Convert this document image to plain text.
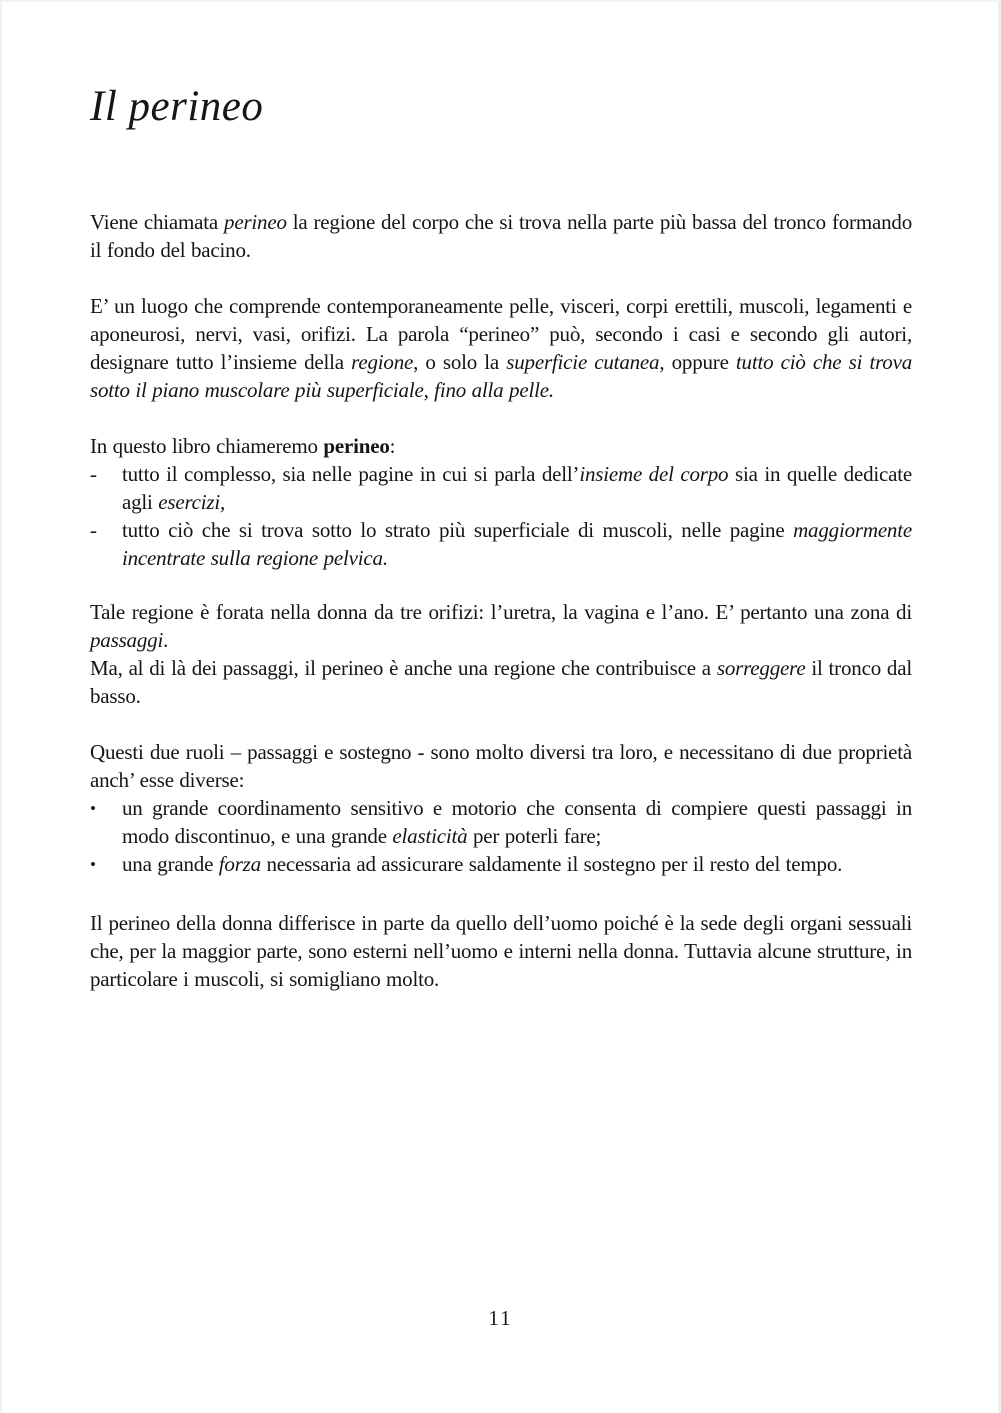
Il perineo

Viene chiamata perineo la regione del corpo che si trova nella parte più bassa del tronco formando il fondo del bacino.

E’ un luogo che comprende contemporaneamente pelle, visceri, corpi erettili, muscoli, legamenti e aponeurosi, nervi, vasi, orifizi. La parola “perineo” può, secondo i casi e secondo gli autori, designare tutto l’insieme della regione, o solo la superficie cutanea, oppure tutto ciò che si trova sotto il piano muscolare più superficiale, fino alla pelle.

In questo libro chiameremo perineo:

-	tutto il complesso, sia nelle pagine in cui si parla dell’insieme del corpo sia in quelle dedicate agli esercizi,
-	tutto ciò che si trova sotto lo strato più superficiale di muscoli, nelle pagine maggiormente incentrate sulla regione pelvica.

Tale regione è forata nella donna da tre orifizi: l’uretra, la vagina e l’ano. E’ pertanto una zona di passaggi.

Ma, al di là dei passaggi, il perineo è anche una regione che contribuisce a sorreggere il tronco dal basso.

Questi due ruoli – passaggi e sostegno - sono molto diversi tra loro, e necessitano di due proprietà anch’ esse diverse:

•	un grande coordinamento sensitivo e motorio che consenta di compiere questi passaggi in modo discontinuo, e una grande elasticità per poterli fare;
•	una grande forza necessaria ad assicurare saldamente il sostegno per il resto del tempo.

Il perineo della donna differisce in parte da quello dell’uomo poiché è la sede degli organi sessuali che, per la maggior parte, sono esterni nell’uomo e interni nella donna. Tuttavia alcune strutture, in particolare i muscoli, si somigliano molto.

11
